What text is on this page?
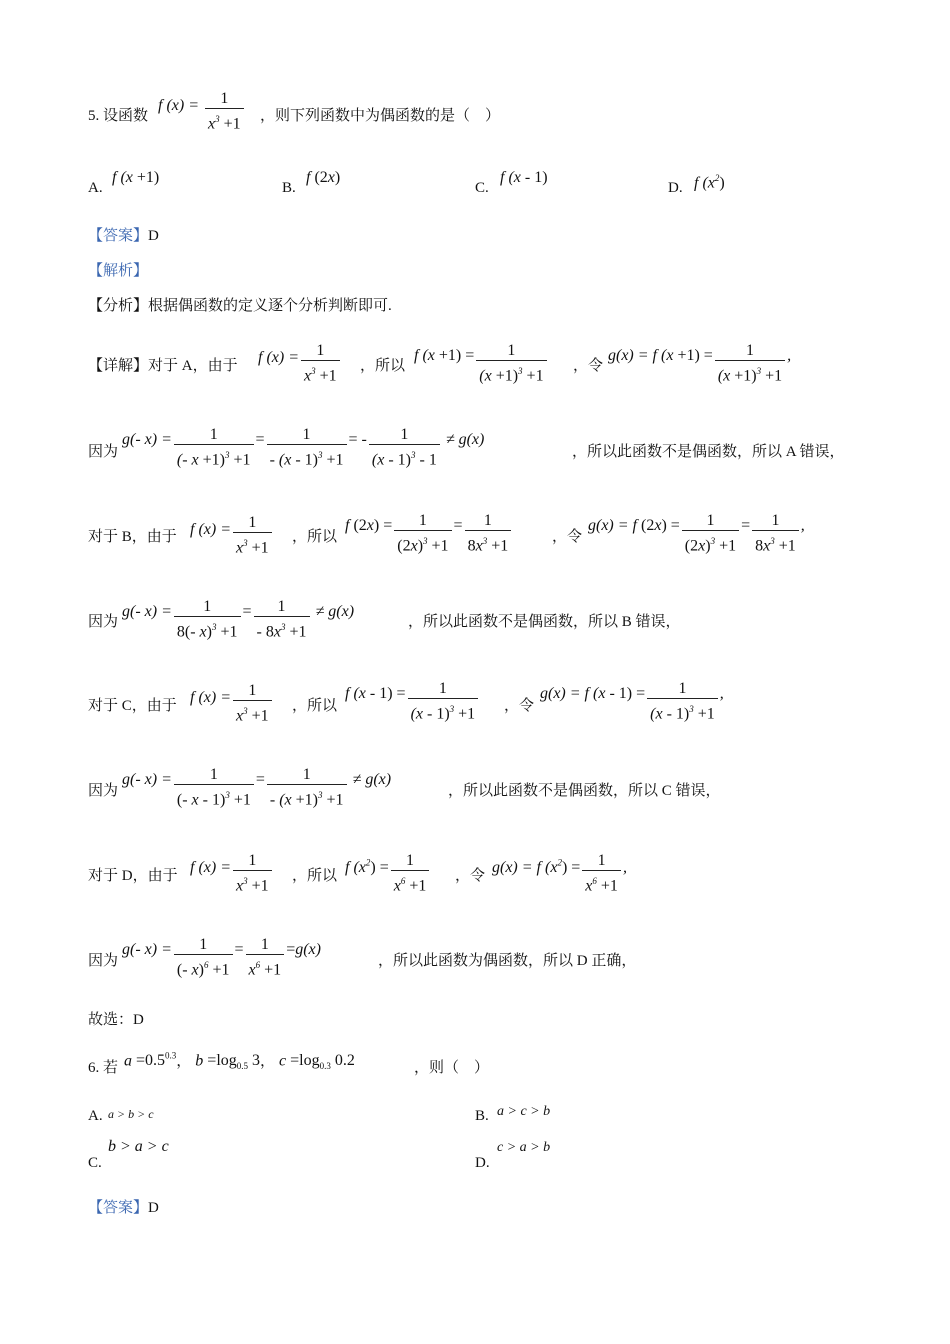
5. 设函数
f $(x) = \frac{1}{x^3 +1}$ ，则下列函数中为偶函数的是（　）
A.
f (x +1)
B.
f (2x)
C.
f (x - 1)
D. f $(x^2)$
【答案】D
【解析】
【分析】根据偶函数的定义逐个分析判断即可.
【详解】对于 A，由于
f $(x) = \frac{1}{x^3 +1}$ ，所以
f $(x +1) = \frac{1}{(x +1)^3 +1}$ ，令
g(x) = f $(x +1) = \frac{1}{(x +1)^3 +1}$ ,
因为
g(- $x) = \frac{1}{(- x +1)^3 +1} = \frac{1}{- (x - 1)^3 +1}$ = - $\frac{1}{(x - 1)^3 - 1} \ne g(x)$
，所以此函数不是偶函数，所以 A 错误，
对于 B，由于 f $(x) = \frac{1}{x^3 +1}$ ，所以
f $(2x) = \frac{1}{(2x)^3 +1} = \frac{1}{8x^3 +1}$	，令
g(x) = f $(2x) = \frac{1}{(2x)^3 +1} = \frac{1}{8x^3 +1}$ ,
因为
g(- $x) = \frac{1}{8(- x)^3 +1} = \frac{1}{- 8x^3 +1} \ne g(x)$
，所以此函数不是偶函数，所以 B 错误，
对于 C，由于
f $(x) = \frac{1}{x^3 +1}$ ，所以
f $(x - 1) = \frac{1}{(x - 1)^3 +1}$ ，令
g(x) = f $(x - 1) = \frac{1}{(x - 1)^3 +1}$ ,
因为
g(- $x) = \frac{1}{(- x - 1)^3 +1} = \frac{1}{- (x +1)^3 +1} \ne g(x)$
，所以此函数不是偶函数，所以 C 错误，
对于 D，由于
f $(x) = \frac{1}{x^3 +1}$ ，所以
f $(x^2) = \frac{1}{x^6 +1}$ ，令
g(x) = f $(x^2) = \frac{1}{x^6 +1}$ ,
因为
g(- $x) = \frac{1}{(- x)^6 +1} = \frac{1}{x^6 +1} =g(x)$
，所以此函数为偶函数，所以 D 正确，
故选：D
6. 若 $a =0.5^{0.3}$， $b =\log_{0.5}$ 3， $c =\log_{0.3}$ 0.2	，则（　）
A. a > b > c	B. a > c > b
C.
b > a > c
D.
c > a > b
【答案】D
